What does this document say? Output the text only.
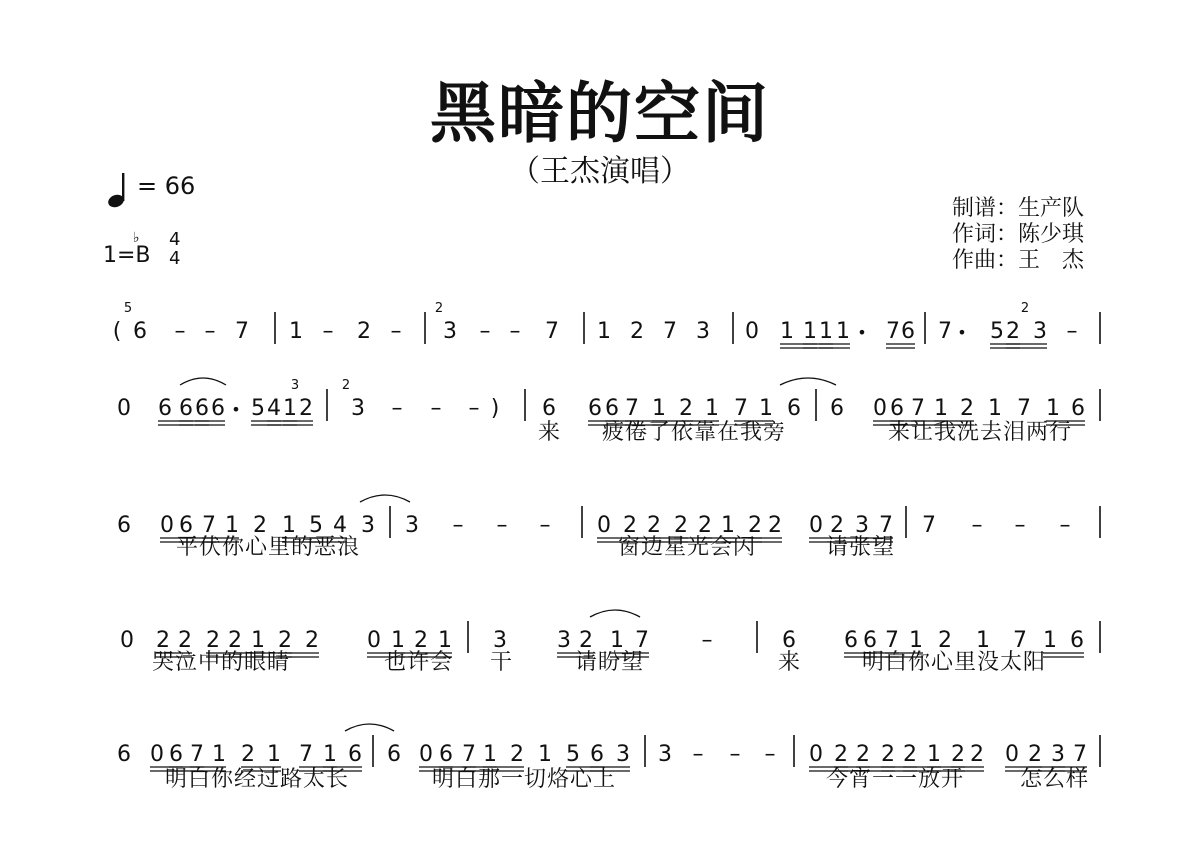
黑暗的空间
（王杰演唱）
= 66
1=B
♭ 4
4
制谱：生产队
作词：陈少琪
作曲：王　杰
( 6 – – 7 1 – 2 – 3 – – 7 1 2 7 3 0 1 1 1 1 • 7 6 7 • 5 2 3 –
0 6 6 6 6 • 5 4 1 2 3 – – – ) 6 6 6 7 1 2 1 7 1 6 6 0 6 7 1 2 1 7 1 6
6 0 6 7 1 2 1 5 4 3 3 – – – 0 2 2 2 2 1 2 2 0 2 3 7 7 – – –
0 2 2 2 2 1 2 2 0 1 2 1 3 3 2 1 7 –	6 6 6 7 1 2 1 7 1 6
6 0 6 7 1 2 1 7 1 6 6 0 6 7 1 2 1 5 6 3 3 – – – 0 2 2 2 2 1 2 2 0 2 3 7
5	2	2
3	2
来 疲倦了依靠在我旁	来让我洗去泪两行
平伏你心里的恶浪	窗边星光会闪	请张望
哭泣中的眼睛	也许会 干	请盼望	来	明白你心里没太阳
明白你经过路太长	明白那一切烙心上	今宵一一放开	怎么样
